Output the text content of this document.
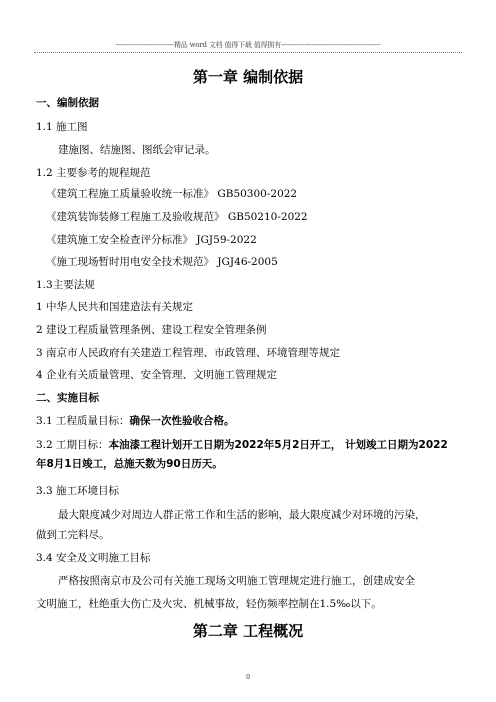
---------------------------精品 word 文档 值得下载 值得拥有----------------------------------------------
第一章 编制依据
一、编制依据
1.1 施工图
建施图、结施图、图纸会审记录。
1.2 主要参考的规程规范
《建筑工程施工质量验收统一标准》 GB50300-2022
《建筑装饰装修工程施工及验收规范》 GB50210-2022
《建筑施工安全检查评分标准》 JGJ59-2022
《施工现场暂时用电安全技术规范》 JGJ46-2005
1.3主要法规
1 中华人民共和国建造法有关规定
2 建设工程质量管理条例、建设工程安全管理条例
3 南京市人民政府有关建造工程管理、市政管理、环境管理等规定
4 企业有关质量管理、安全管理、文明施工管理规定
二、实施目标
3.1 工程质量目标：确保一次性验收合格。
3.2 工期目标：本油漆工程计划开工日期为2022年5月2日开工， 计划竣工日期为2022
年8月1日竣工，总施天数为90日历天。
3.3 施工环境目标
最大限度减少对周边人群正常工作和生活的影响，最大限度减少对环境的污染，
做到工完料尽。
3.4 安全及文明施工目标
严格按照南京市及公司有关施工现场文明施工管理规定进行施工，创建成安全
文明施工，杜绝重大伤亡及火灾、机械事故，轻伤频率控制在1.5‰以下。
第二章 工程概况
0
